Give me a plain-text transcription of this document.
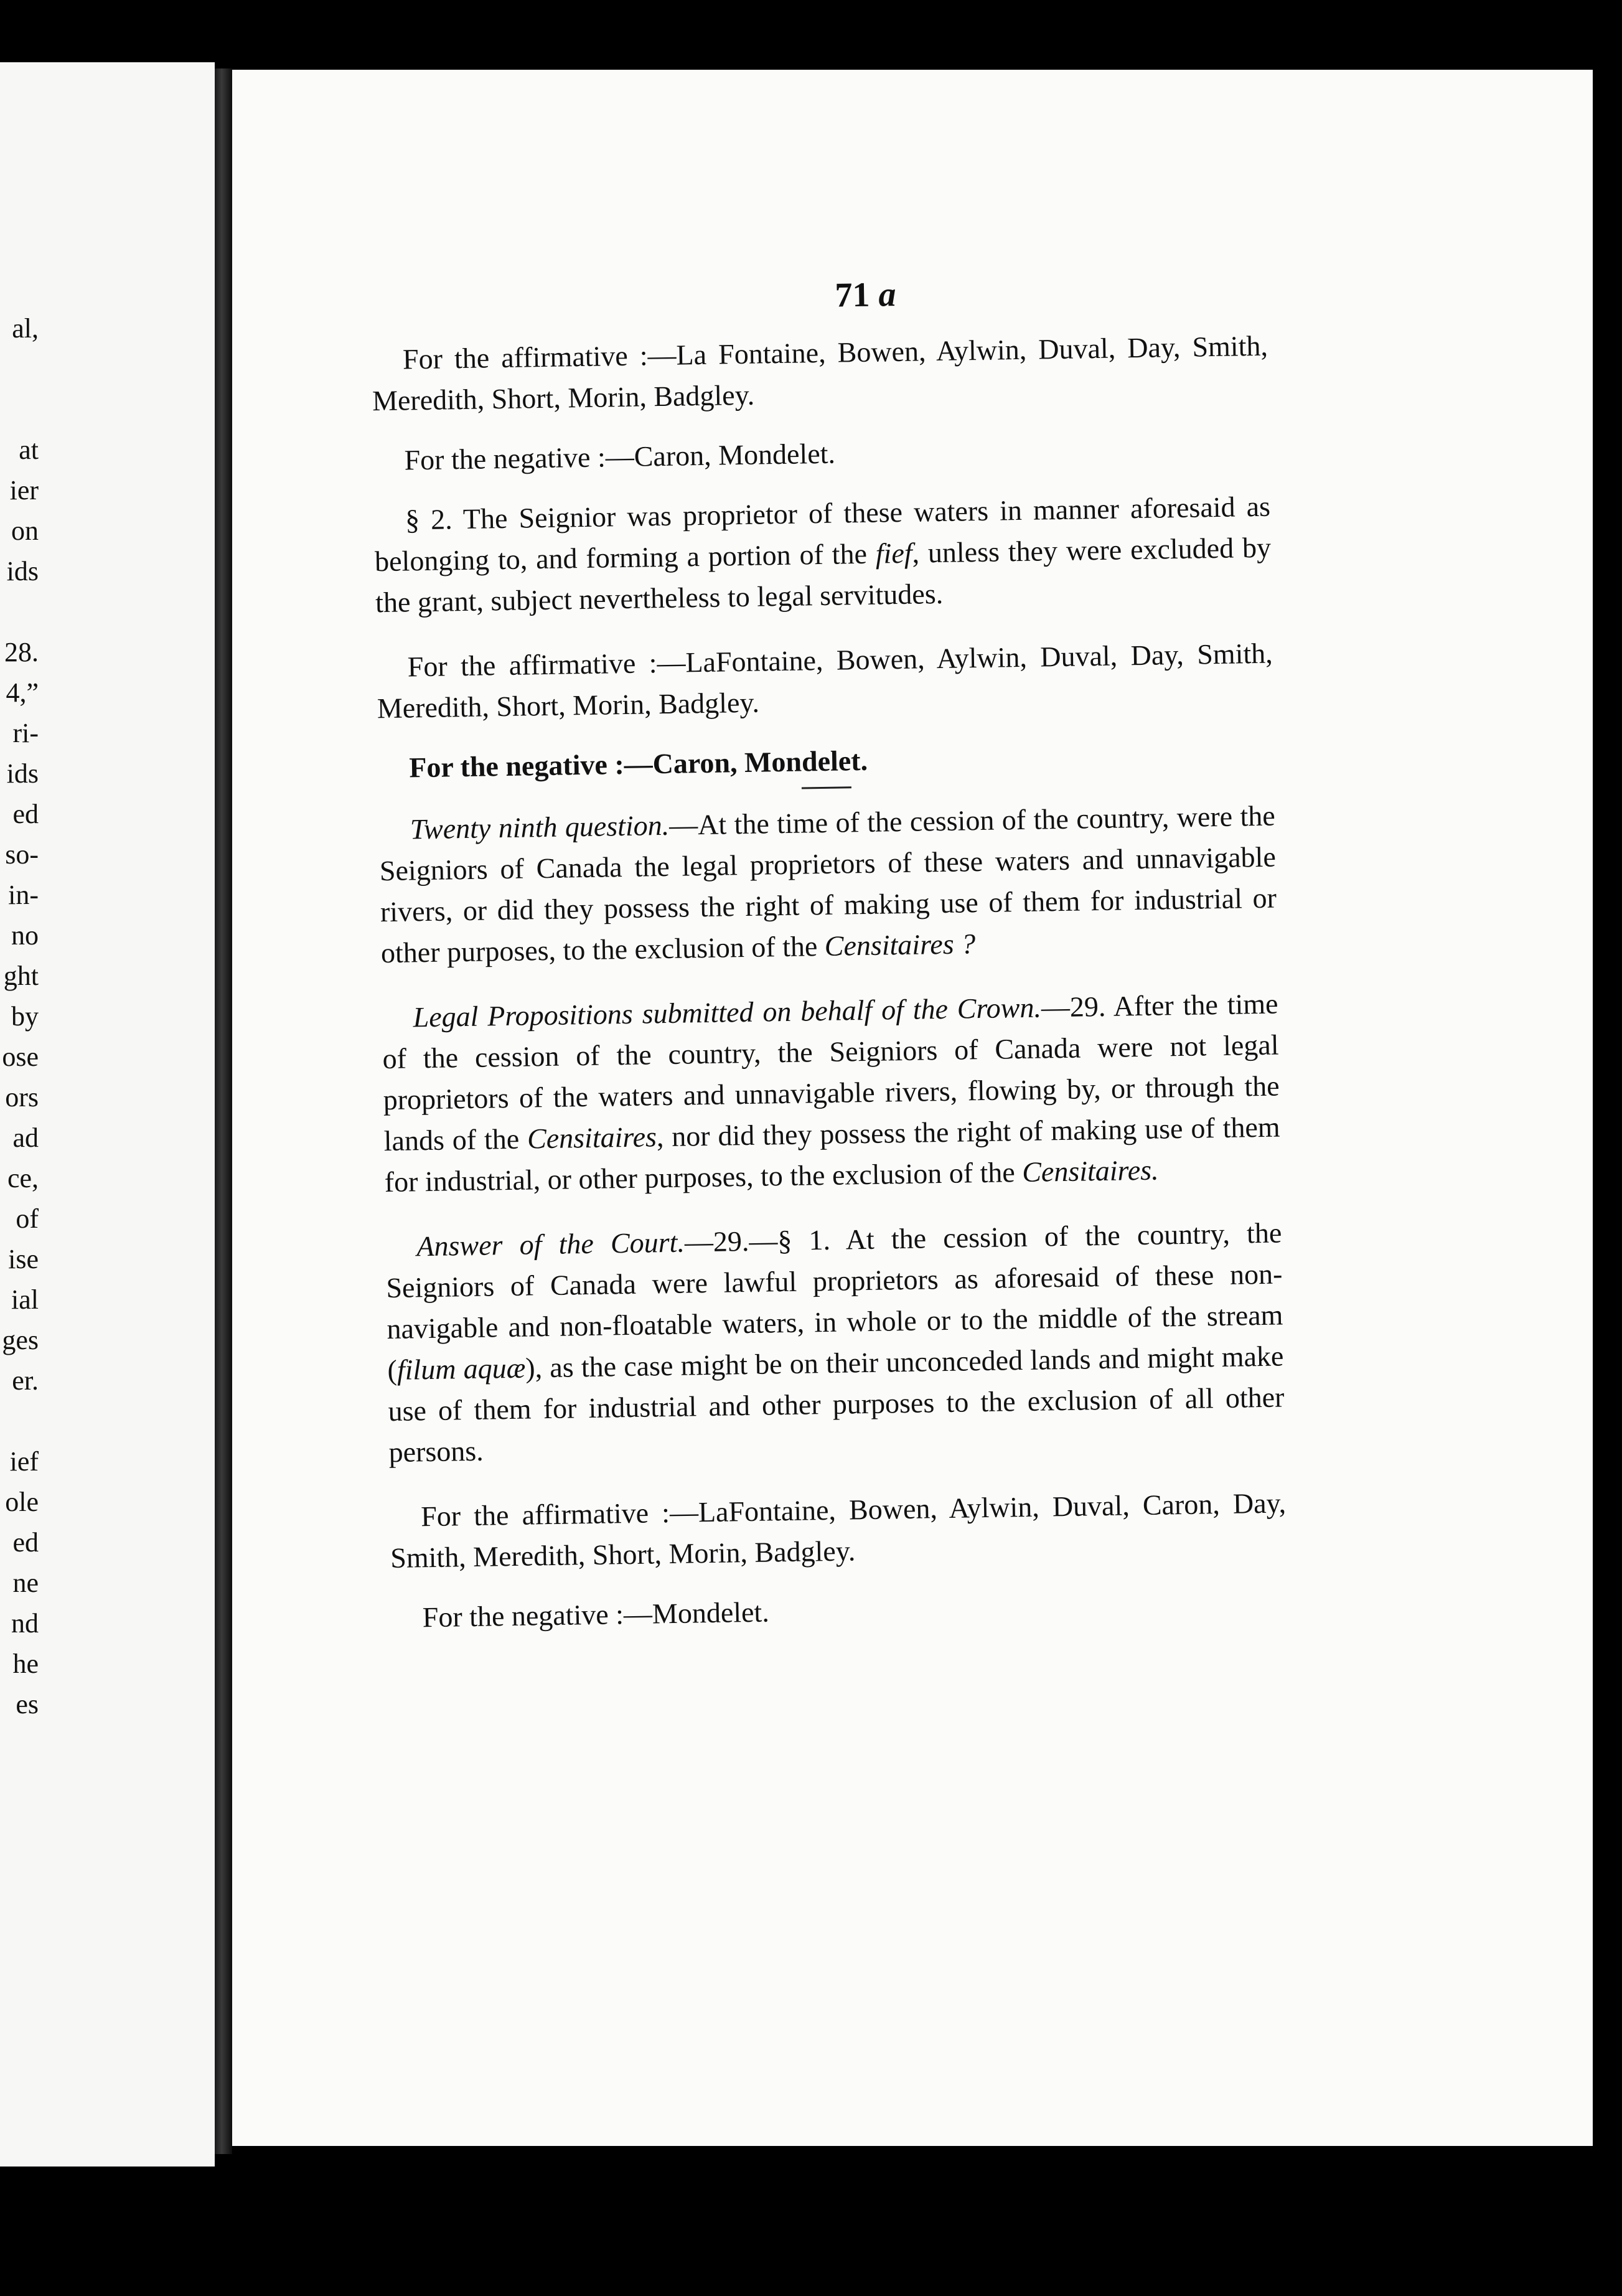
al,

at
ier
on
ids

28.
4,”
ri-
ids
ed
so-
in-
no
ght
by
ose
ors
ad
ce,
of
ise
ial
ges
er.

ief
ole
ed
ne
nd
he
es
71 a

For the affirmative :—La Fontaine, Bowen, Aylwin, Duval, Day, Smith, Meredith, Short, Morin, Badgley.

For the negative :—Caron, Mondelet.

§ 2. The Seignior was proprietor of these waters in manner aforesaid as belonging to, and forming a portion of the fief, unless they were excluded by the grant, subject nevertheless to legal servitudes.

For the affirmative :—LaFontaine, Bowen, Aylwin, Duval, Day, Smith, Meredith, Short, Morin, Badgley.

For the negative :—Caron, Mondelet.

Twenty ninth question.—At the time of the cession of the country, were the Seigniors of Canada the legal proprietors of these waters and unnavigable rivers, or did they possess the right of making use of them for industrial or other purposes, to the exclusion of the Censitaires ?

Legal Propositions submitted on behalf of the Crown.—29. After the time of the cession of the country, the Seigniors of Canada were not legal proprietors of the waters and unnavigable rivers, flowing by, or through the lands of the Censitaires, nor did they possess the right of making use of them for industrial, or other purposes, to the exclusion of the Censitaires.

Answer of the Court.—29.—§ 1. At the cession of the country, the Seigniors of Canada were lawful proprietors as aforesaid of these non-navigable and non-floatable waters, in whole or to the middle of the stream (filum aquæ), as the case might be on their unconceded lands and might make use of them for industrial and other purposes to the exclusion of all other persons.

For the affirmative :—LaFontaine, Bowen, Aylwin, Duval, Caron, Day, Smith, Meredith, Short, Morin, Badgley.

For the negative :—Mondelet.
